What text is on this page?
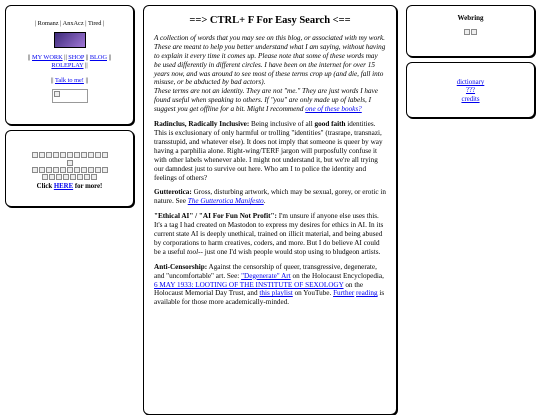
| Romanz | AnxAcz | Tired |
|| MY WORK || SHOP || BLOG ||
ROLEPLAY ||
|| Talk to me! ||

Click HERE for more!
==> CTRL+ F For Easy Search <==
A collection of words that you may see on this blog, or associated with my work. These are meant to help you better understand what I am saying, without having to explain it every time it comes up. Please note that some of these words may be used differently in different circles. I have been on the internet for over 15 years now, and was around to see most of these terms crop up (and die, fall into misuse, or be abducted by bad actors).
These terms are not an identity. They are not "me." They are just words I have found useful when speaking to others. If "you" are only made up of labels, I suggest you get offline for a bit. Might I recommend one of these books?
Radinclus, Radically Inclusive: Being inclusive of all good faith identities. This is exclusionary of only harmful or trolling "identities" (trasrape, transnazi, transstupid, and whatever else). It does not imply that someone is queer by way having a parphilia alone. Right-wing/TERF jargon will purposfully confuse it with other labels whenever able. I might not understand it, but we're all trying our damndest just to survive out here. Who am I to police the identity and feelings of others?
Gutterotica: Gross, disturbing artwork, which may be sexual, gorey, or erotic in nature. See The Gutterotica Manifesto.
"Ethical AI" / "AI For Fun Not Profit": I'm unsure if anyone else uses this. It's a tag I had created on Mastodon to express my desires for ethics in AI. In its current state AI is deeply unethical, trained on illicit material, and being abused by corporations to harm creatives, coders, and more. But I do believe AI could be a useful tool-- just one I'd wish people would stop using to bludgeon artists.
Anti-Censorship: Against the censorship of queer, transgressive, degenerate, and "uncomfortable" art. See: "Degenerate" Art on the Holocaust Encyclopedia, 6 MAY 1933: LOOTING OF THE INSTITUTE OF SEXOLOGY on the Holocaust Memorial Day Trust, and this playlist on YouTube. Further reading is available for those more academically-minded.
Webring
dictionary
???
credits
